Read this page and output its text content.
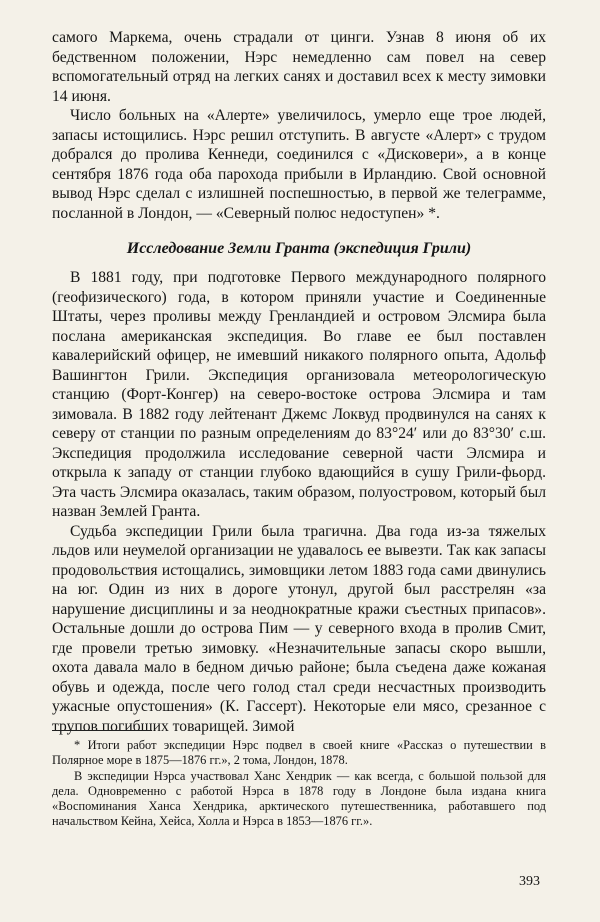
самого Маркема, очень страдали от цинги. Узнав 8 июня об их бедственном положении, Нэрс немедленно сам повел на север вспомогательный отряд на легких санях и доставил всех к месту зимовки 14 июня.

Число больных на «Алерте» увеличилось, умерло еще трое людей, запасы истощились. Нэрс решил отступить. В августе «Алерт» с трудом добрался до пролива Кеннеди, соединился с «Дисковери», а в конце сентября 1876 года оба парохода прибыли в Ирландию. Свой основной вывод Нэрс сделал с излишней поспешностью, в первой же телеграмме, посланной в Лондон, — «Северный полюс недоступен» *.

Исследование Земли Гранта (экспедиция Грили)

В 1881 году, при подготовке Первого международного полярного (геофизического) года, в котором приняли участие и Соединенные Штаты, через проливы между Гренландией и островом Элсмира была послана американская экспедиция. Во главе ее был поставлен кавалерийский офицер, не имевший никакого полярного опыта, Адольф Вашингтон Грили. Экспедиция организовала метеорологическую станцию (Форт-Конгер) на северо-востоке острова Элсмира и там зимовала. В 1882 году лейтенант Джемс Локвуд продвинулся на санях к северу от станции по разным определениям до 83°24′ или до 83°30′ с.ш. Экспедиция продолжила исследование северной части Элсмира и открыла к западу от станции глубоко вдающийся в сушу Грили-фьорд. Эта часть Элсмира оказалась, таким образом, полуостровом, который был назван Землей Гранта.

Судьба экспедиции Грили была трагична. Два года из-за тяжелых льдов или неумелой организации не удавалось ее вывезти. Так как запасы продовольствия истощались, зимовщики летом 1883 года сами двинулись на юг. Один из них в дороге утонул, другой был расстрелян «за нарушение дисциплины и за неоднократные кражи съестных припасов». Остальные дошли до острова Пим — у северного входа в пролив Смит, где провели третью зимовку. «Незначительные запасы скоро вышли, охота давала мало в бедном дичью районе; была съедена даже кожаная обувь и одежда, после чего голод стал среди несчастных производить ужасные опустошения» (К. Гассерт). Некоторые ели мясо, срезанное с трупов погибших товарищей. Зимой

* Итоги работ экспедиции Нэрс подвел в своей книге «Рассказ о путешествии в Полярное море в 1875—1876 гг.», 2 тома, Лондон, 1878.

В экспедиции Нэрса участвовал Ханс Хендрик — как всегда, с большой пользой для дела. Одновременно с работой Нэрса в 1878 году в Лондоне была издана книга «Воспоминания Ханса Хендрика, арктического путешественника, работавшего под начальством Кейна, Хейса, Холла и Нэрса в 1853—1876 гг.».

393
